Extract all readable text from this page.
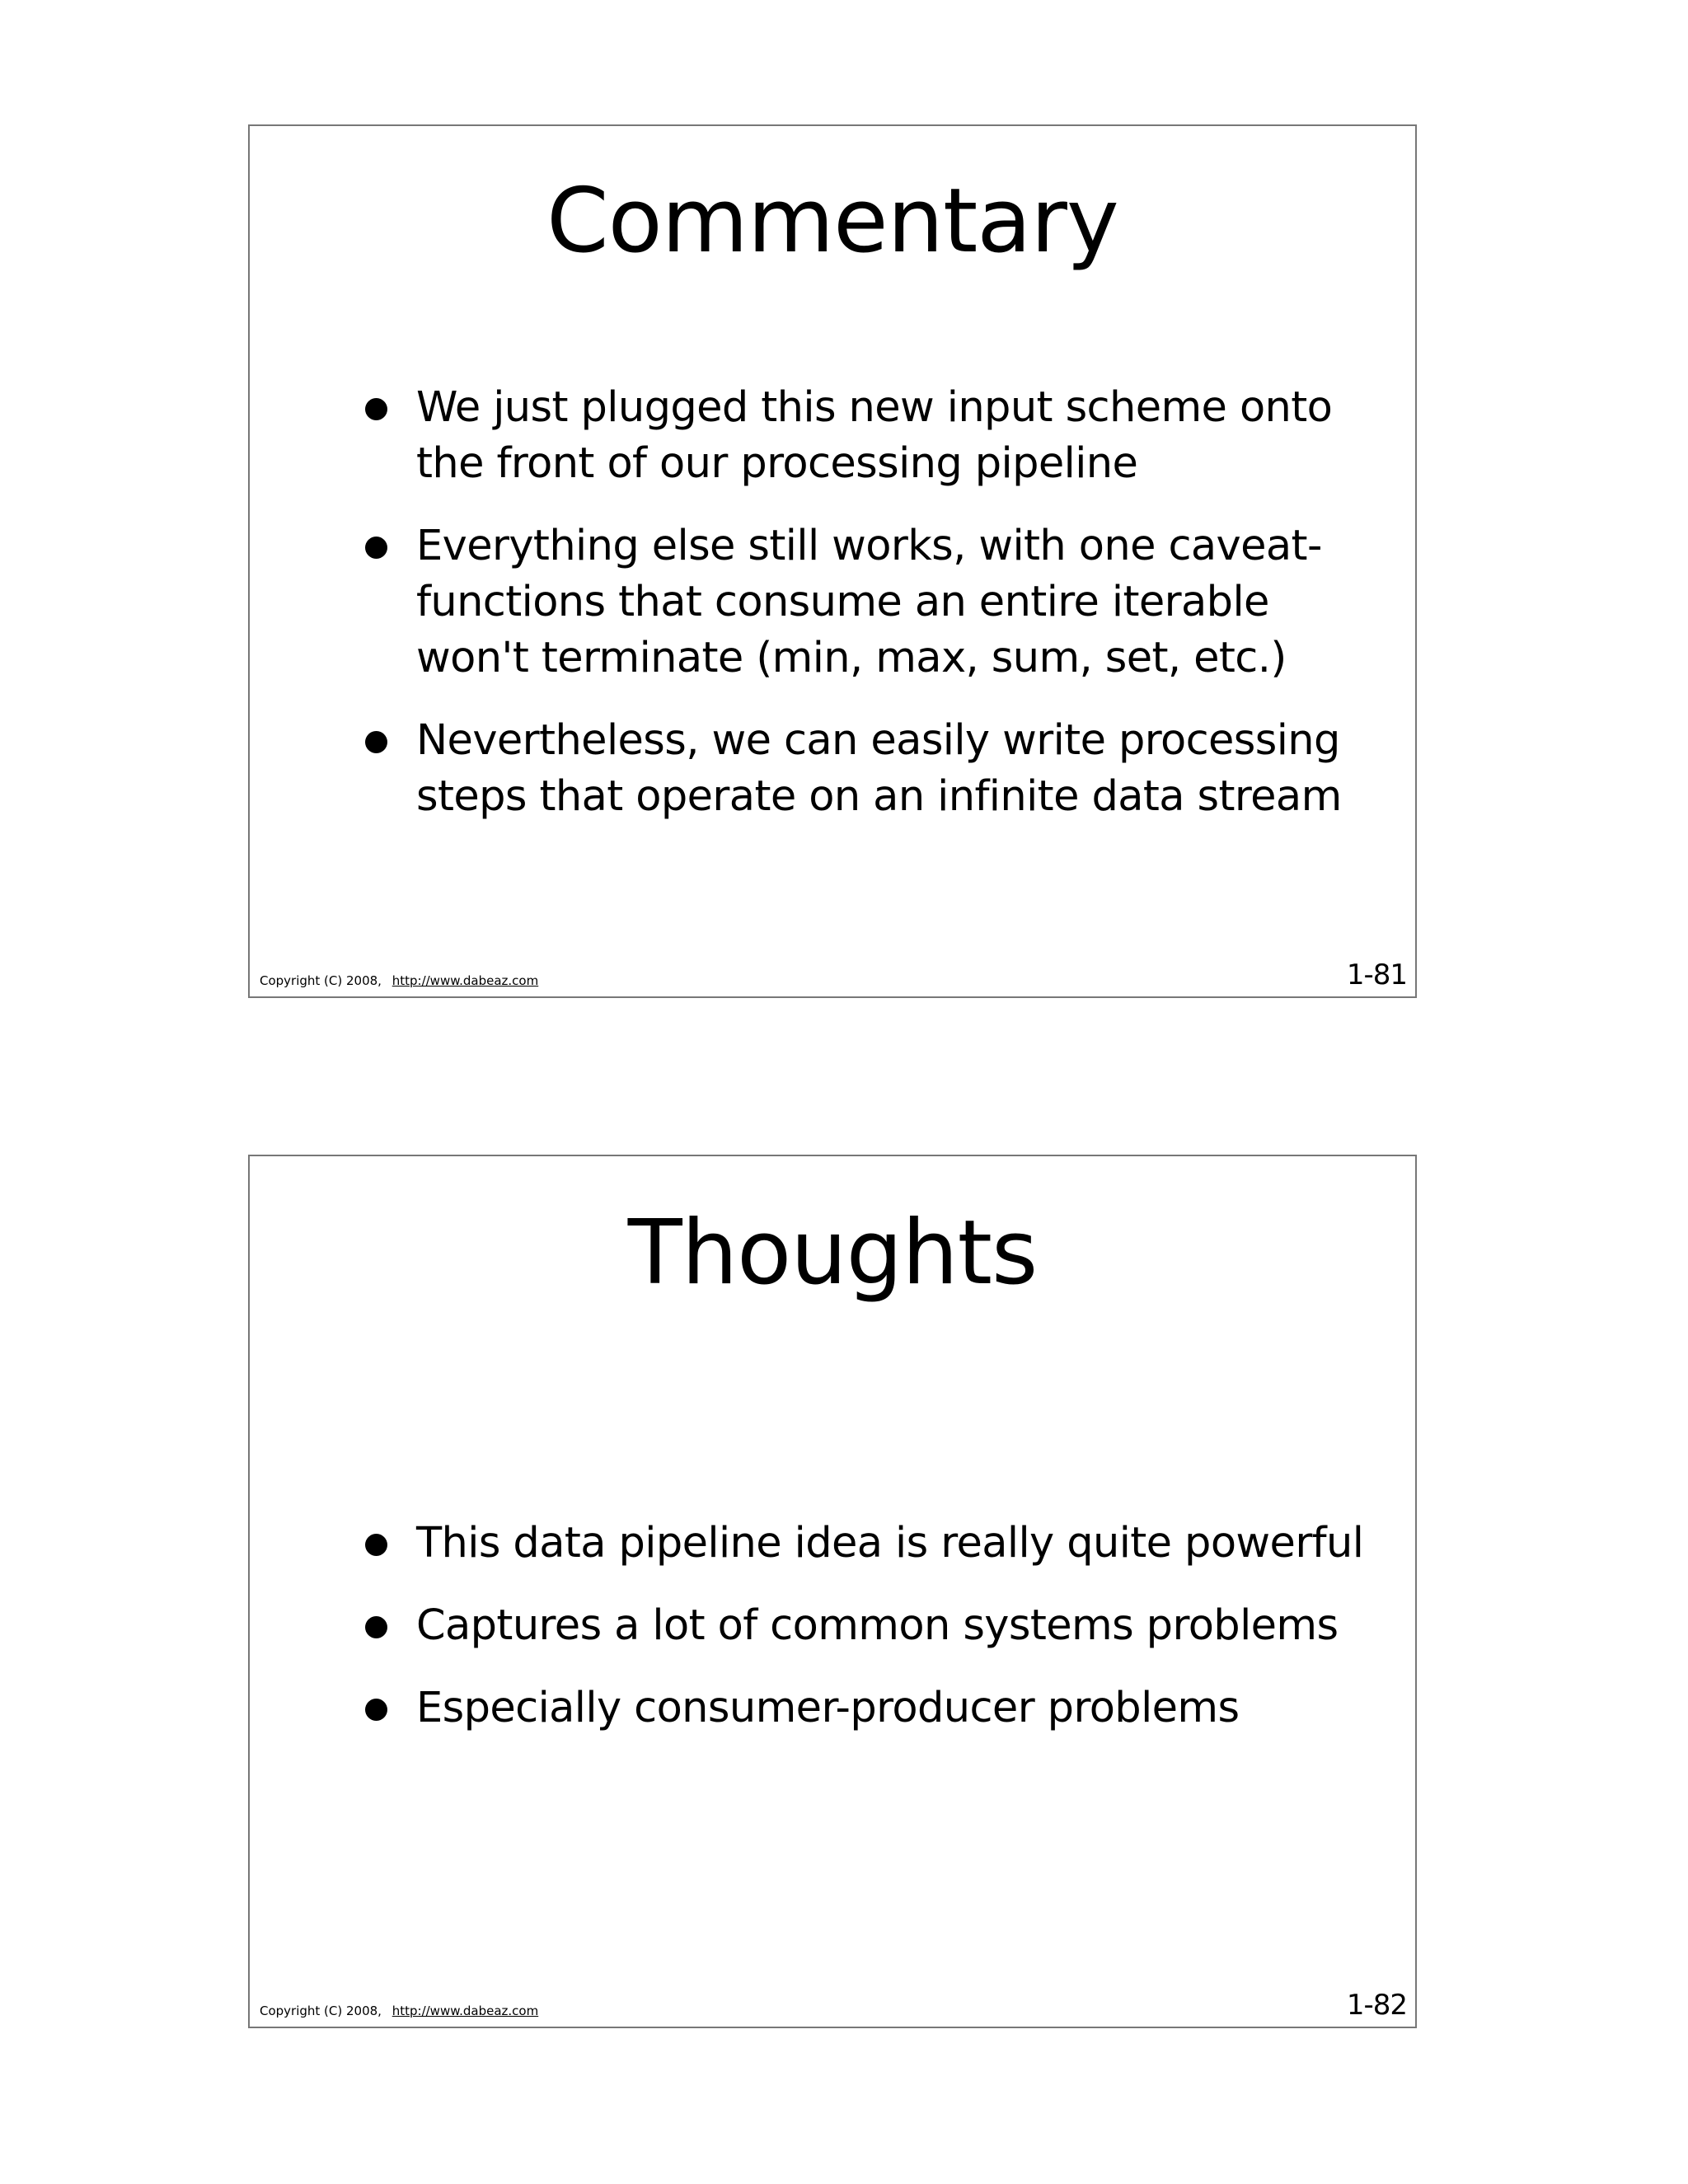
Commentary
We just plugged this new input scheme onto the front of our processing pipeline
Everything else still works, with one caveat- functions that consume an entire iterable won't terminate (min, max, sum, set, etc.)
Nevertheless, we can easily write processing steps that operate on an infinite data stream
Copyright (C) 2008, http://www.dabeaz.com	1-81
Thoughts
This data pipeline idea is really quite powerful
Captures a lot of common systems problems
Especially consumer-producer problems
Copyright (C) 2008, http://www.dabeaz.com	1-82
